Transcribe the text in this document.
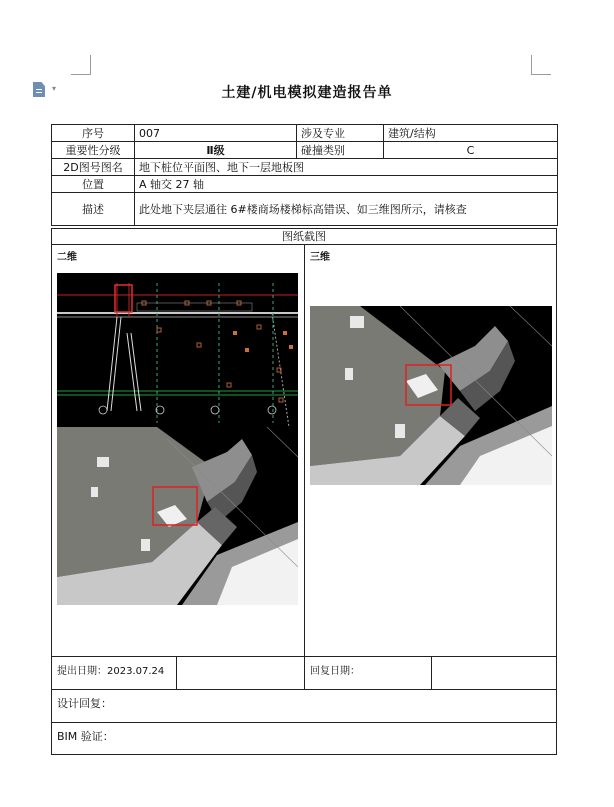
▾	土建/机电模拟建造报告单
序号	007	涉及专业	建筑/结构
重要性分级	Ⅱ级	碰撞类别	C
2D图号图名	地下桩位平面图、地下一层地板图		
位置	A 轴交 27 轴		
描述	此处地下夹层通往 6#楼商场楼梯标高错误、如三维图所示，请核查		
图纸截图
二维	三维
提出日期：2023.07.24	回复日期：
设计回复：
BIM 验证：
